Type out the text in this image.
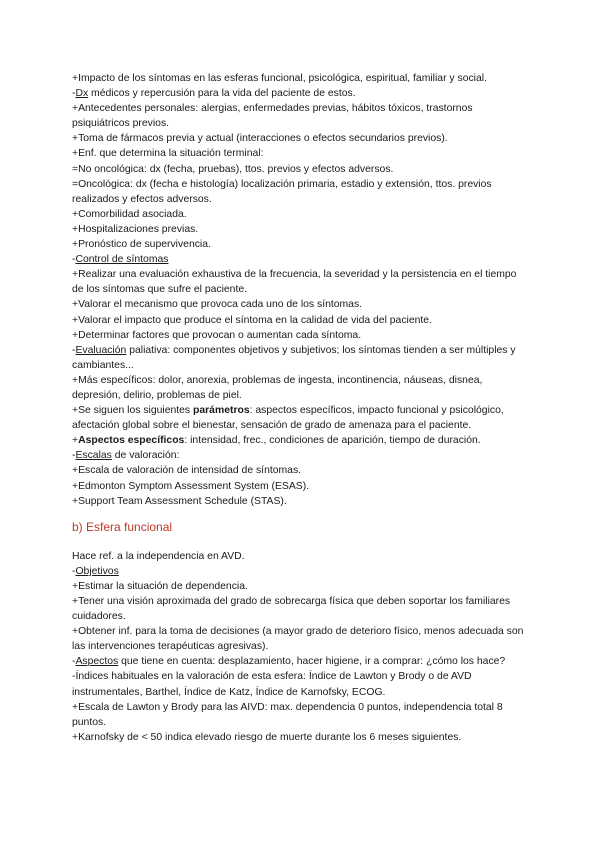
+Impacto de los síntomas en las esferas funcional, psicológica, espiritual, familiar y social.
-Dx médicos y repercusión para la vida del paciente de estos.
+Antecedentes personales: alergias, enfermedades previas, hábitos tóxicos, trastornos psiquiátricos previos.
+Toma de fármacos previa y actual (interacciones o efectos secundarios previos).
+Enf. que determina la situación terminal:
=No oncológica: dx (fecha, pruebas), ttos. previos y efectos adversos.
=Oncológica: dx (fecha e histología) localización primaria, estadio y extensión, ttos. previos realizados y efectos adversos.
+Comorbilidad asociada.
+Hospitalizaciones previas.
+Pronóstico de supervivencia.
-Control de síntomas
+Realizar una evaluación exhaustiva de la frecuencia, la severidad y la persistencia en el tiempo de los síntomas que sufre el paciente.
+Valorar el mecanismo que provoca cada uno de los síntomas.
+Valorar el impacto que produce el síntoma en la calidad de vida del paciente.
+Determinar factores que provocan o aumentan cada síntoma.
-Evaluación paliativa: componentes objetivos y subjetivos; los síntomas tienden a ser múltiples y cambiantes...
+Más específicos: dolor, anorexia, problemas de ingesta, incontinencia, náuseas, disnea, depresión, delirio, problemas de piel.
+Se siguen los siguientes parámetros: aspectos específicos, impacto funcional y psicológico, afectación global sobre el bienestar, sensación de grado de amenaza para el paciente.
+Aspectos específicos: intensidad, frec., condiciones de aparición, tiempo de duración.
-Escalas de valoración:
+Escala de valoración de intensidad de síntomas.
+Edmonton Symptom Assessment System (ESAS).
+Support Team Assessment Schedule (STAS).
b) Esfera funcional
Hace ref. a la independencia en AVD.
-Objetivos
+Estimar la situación de dependencia.
+Tener una visión aproximada del grado de sobrecarga física que deben soportar los familiares cuidadores.
+Obtener inf. para la toma de decisiones (a mayor grado de deterioro físico, menos adecuada son las intervenciones terapéuticas agresivas).
-Aspectos que tiene en cuenta: desplazamiento, hacer higiene, ir a comprar: ¿cómo los hace?
-Índices habituales en la valoración de esta esfera: Índice de Lawton y Brody o de AVD instrumentales, Barthel, Índice de Katz, Índice de Karnofsky, ECOG.
+Escala de Lawton y Brody para las AIVD: max. dependencia 0 puntos, independencia total 8 puntos.
+Karnofsky de < 50 indica elevado riesgo de muerte durante los 6 meses siguientes.
